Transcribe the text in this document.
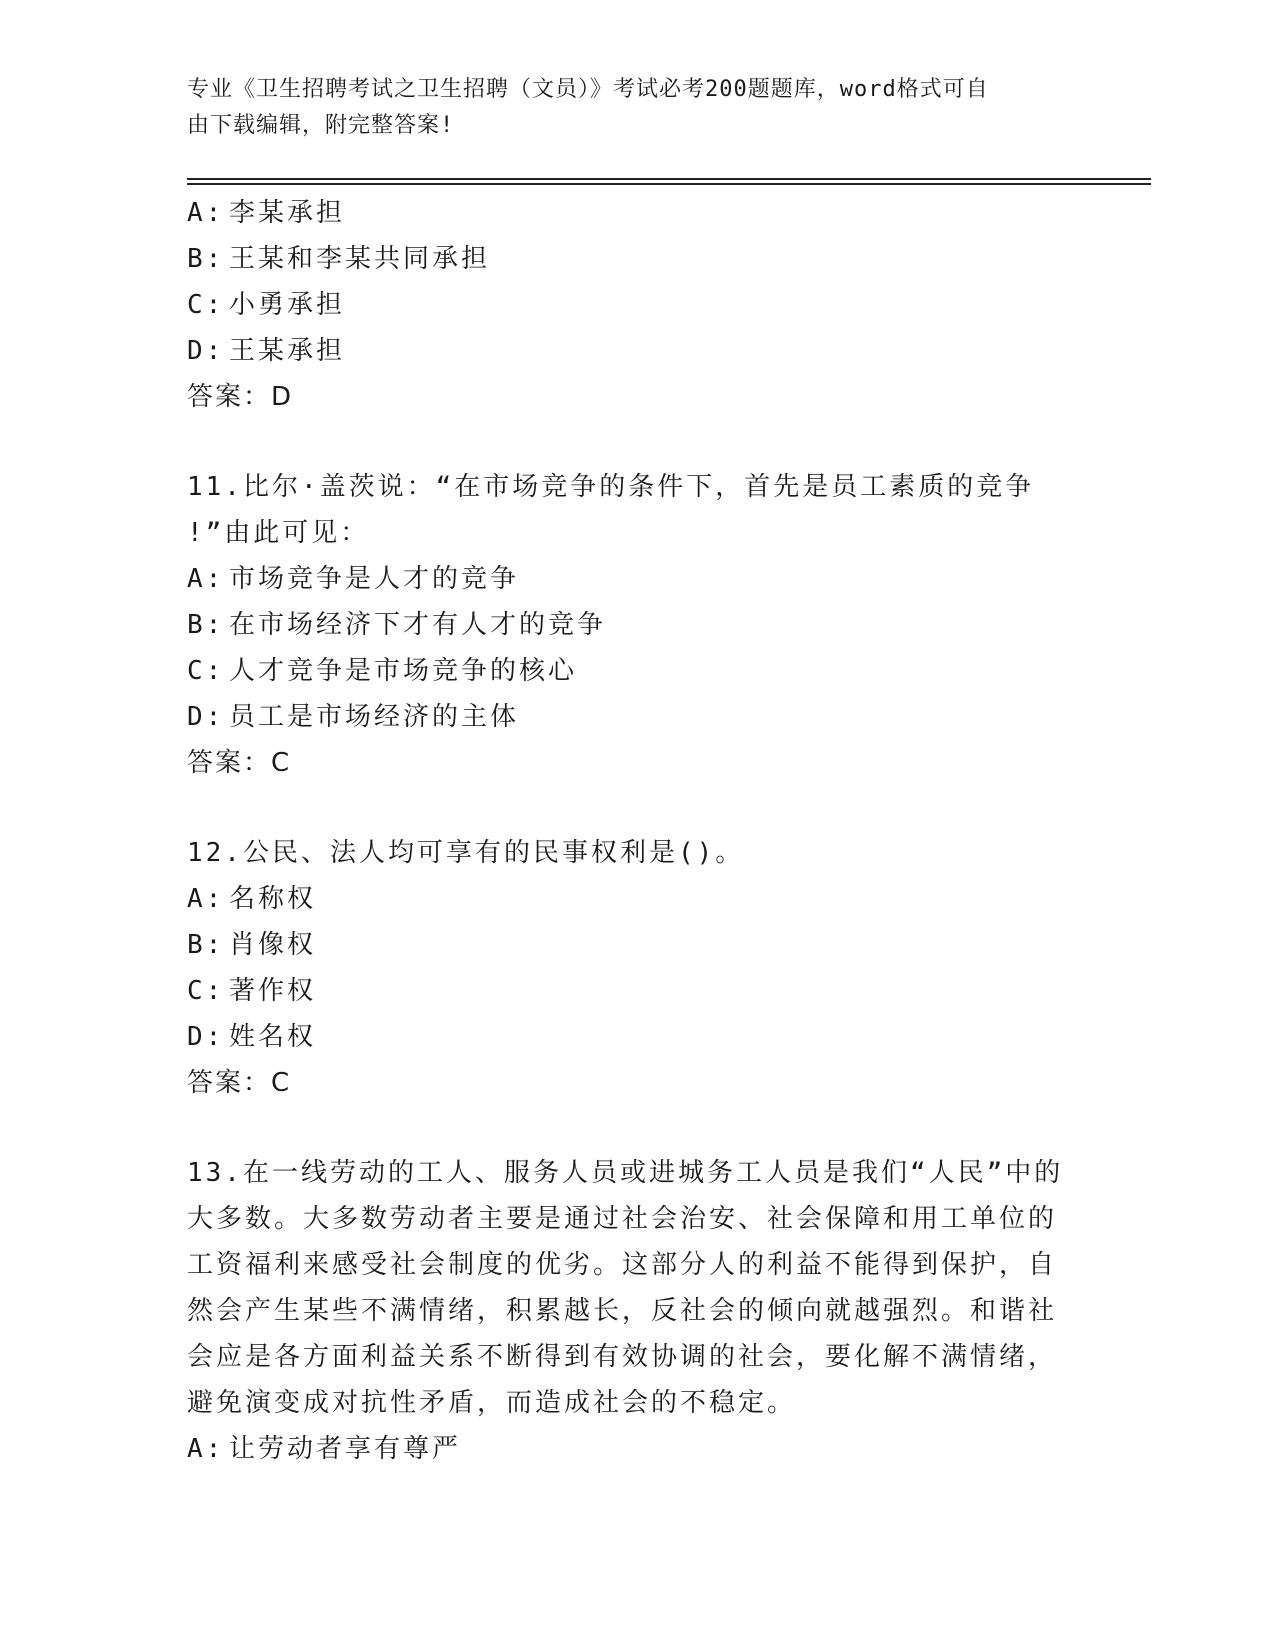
专业《卫生招聘考试之卫生招聘（文员）》考试必考200题题库，word格式可自
由下载编辑，附完整答案!
A: 李某承担
B: 王某和李某共同承担
C: 小勇承担
D: 王某承担
答案：D
11.比尔·盖茨说：“在市场竞争的条件下，首先是员工素质的竞争
!”由此可见：
A: 市场竞争是人才的竞争
B: 在市场经济下才有人才的竞争
C: 人才竞争是市场竞争的核心
D: 员工是市场经济的主体
答案：C
12.公民、法人均可享有的民事权利是()。
A: 名称权
B: 肖像权
C: 著作权
D: 姓名权
答案：C
13.在一线劳动的工人、服务人员或进城务工人员是我们“人民”中的
大多数。大多数劳动者主要是通过社会治安、社会保障和用工单位的
工资福利来感受社会制度的优劣。这部分人的利益不能得到保护，自
然会产生某些不满情绪，积累越长，反社会的倾向就越强烈。和谐社
会应是各方面利益关系不断得到有效协调的社会，要化解不满情绪，
避免演变成对抗性矛盾，而造成社会的不稳定。
A: 让劳动者享有尊严
